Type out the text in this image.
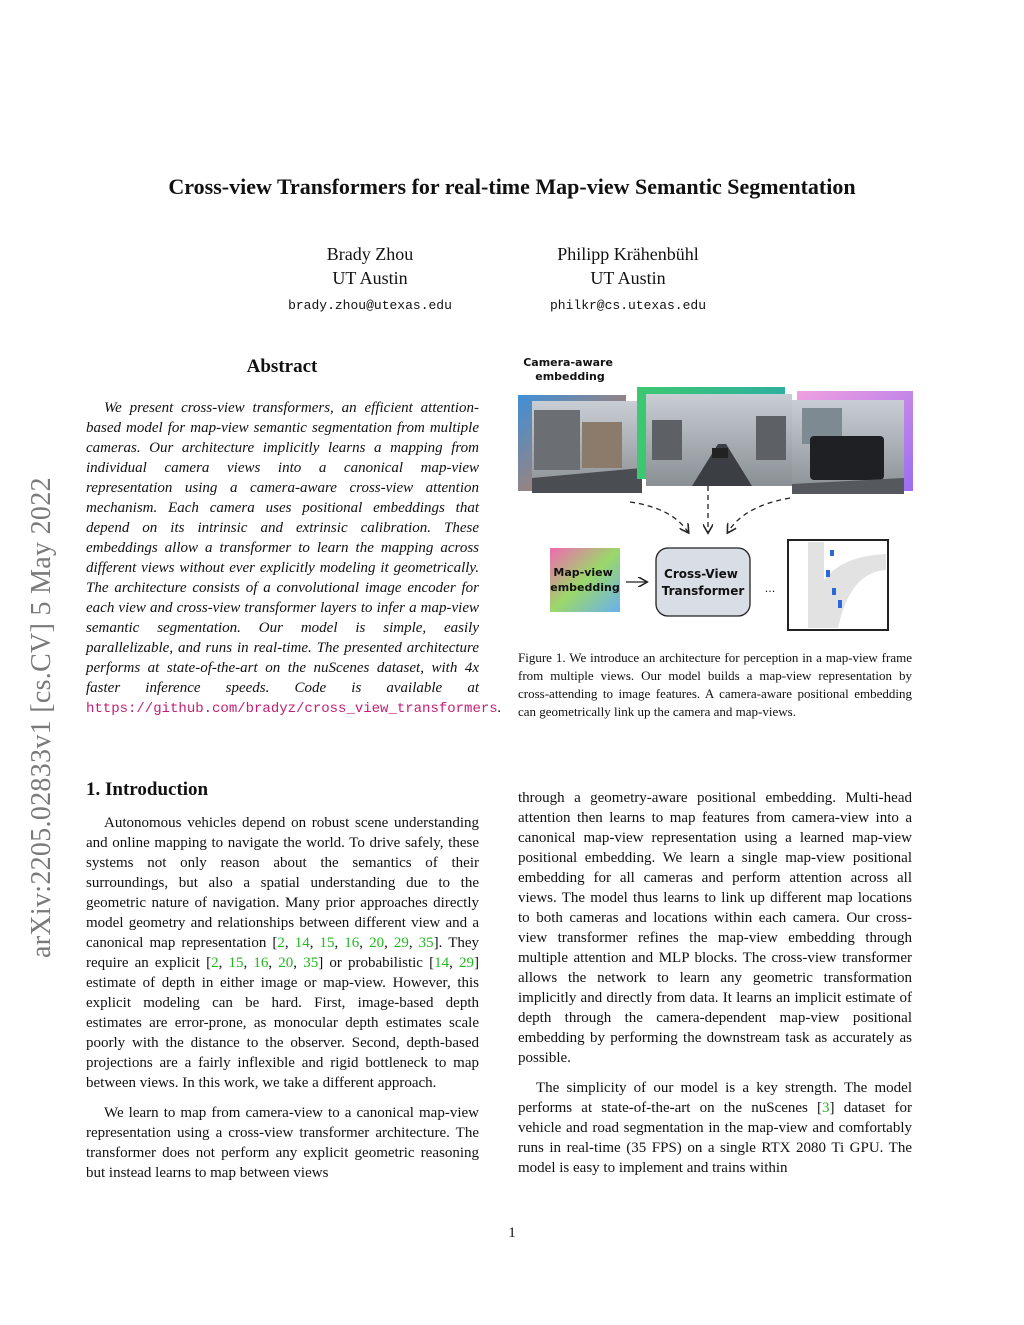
Cross-view Transformers for real-time Map-view Semantic Segmentation
Brady Zhou
UT Austin
brady.zhou@utexas.edu
Philipp Krähenbühl
UT Austin
philkr@cs.utexas.edu
arXiv:2205.02833v1 [cs.CV] 5 May 2022
Abstract

We present cross-view transformers, an efficient attention-based model for map-view semantic segmentation from multiple cameras. Our architecture implicitly learns a mapping from individual camera views into a canonical map-view representation using a camera-aware cross-view attention mechanism. Each camera uses positional embeddings that depend on its intrinsic and extrinsic calibration. These embeddings allow a transformer to learn the mapping across different views without ever explicitly modeling it geometrically. The architecture consists of a convolutional image encoder for each view and cross-view transformer layers to infer a map-view semantic segmentation. Our model is simple, easily parallelizable, and runs in real-time. The presented architecture performs at state-of-the-art on the nuScenes dataset, with 4x faster inference speeds. Code is available at https://github.com/bradyz/cross_view_transformers.

Camera-aware embedding
Map-view embedding
Cross-View Transformer ...

Figure 1. We introduce an architecture for perception in a map-view frame from multiple views. Our model builds a map-view representation by cross-attending to image features. A camera-aware positional embedding can geometrically link up the camera and map-views.

1. Introduction

Autonomous vehicles depend on robust scene understanding and online mapping to navigate the world. To drive safely, these systems not only reason about the semantics of their surroundings, but also a spatial understanding due to the geometric nature of navigation. Many prior approaches directly model geometry and relationships between different view and a canonical map representation [2, 14, 15, 16, 20, 29, 35]. They require an explicit [2, 15, 16, 20, 35] or probabilistic [14, 29] estimate of depth in either image or map-view. However, this explicit modeling can be hard. First, image-based depth estimates are error-prone, as monocular depth estimates scale poorly with the distance to the observer. Second, depth-based projections are a fairly inflexible and rigid bottleneck to map between views. In this work, we take a different approach.

We learn to map from camera-view to a canonical map-view representation using a cross-view transformer architecture. The transformer does not perform any explicit geometric reasoning but instead learns to map between views

through a geometry-aware positional embedding. Multi-head attention then learns to map features from camera-view into a canonical map-view representation using a learned map-view positional embedding. We learn a single map-view positional embedding for all cameras and perform attention across all views. The model thus learns to link up different map locations to both cameras and locations within each camera. Our cross-view transformer refines the map-view embedding through multiple attention and MLP blocks. The cross-view transformer allows the network to learn any geometric transformation implicitly and directly from data. It learns an implicit estimate of depth through the camera-dependent map-view positional embedding by performing the downstream task as accurately as possible.

The simplicity of our model is a key strength. The model performs at state-of-the-art on the nuScenes [3] dataset for vehicle and road segmentation in the map-view and comfortably runs in real-time (35 FPS) on a single RTX 2080 Ti GPU. The model is easy to implement and trains within

1
